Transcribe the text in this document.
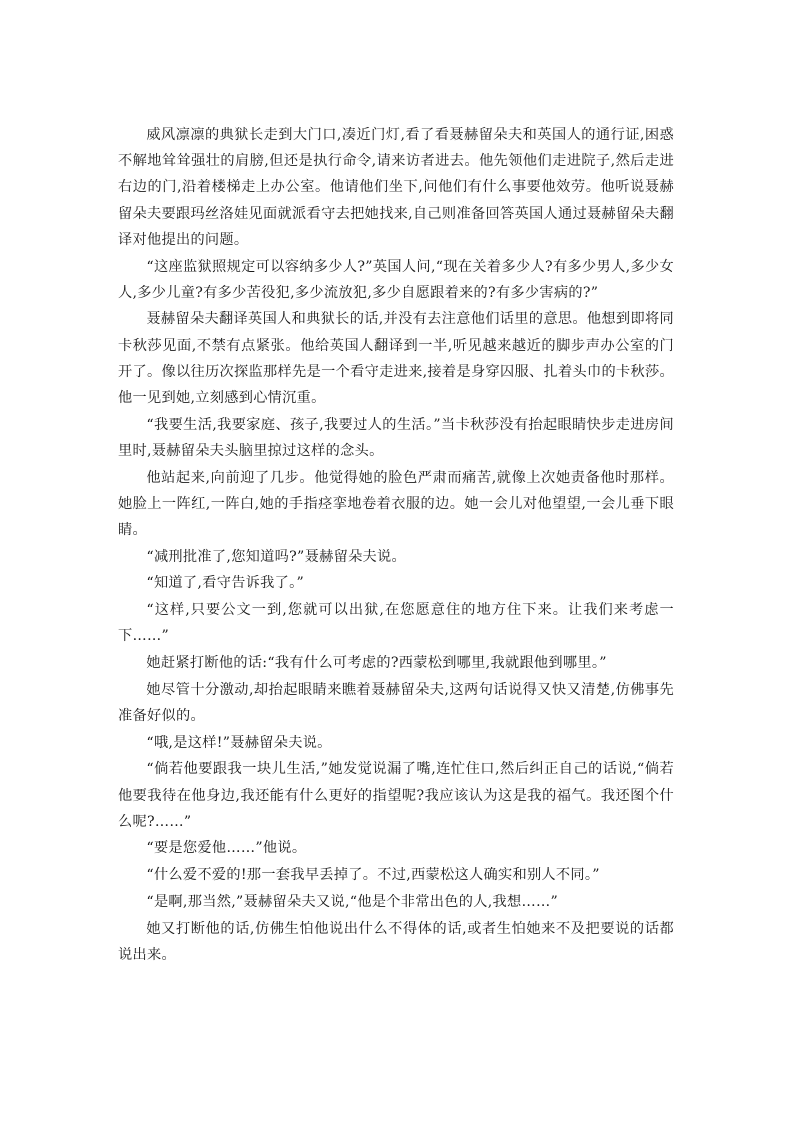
威风凛凛的典狱长走到大门口,凑近门灯,看了看聂赫留朵夫和英国人的通行证,困惑不解地耸耸强壮的肩膀,但还是执行命令,请来访者进去。他先领他们走进院子,然后走进右边的门,沿着楼梯走上办公室。他请他们坐下,问他们有什么事要他效劳。他听说聂赫留朵夫要跟玛丝洛娃见面就派看守去把她找来,自己则准备回答英国人通过聂赫留朵夫翻译对他提出的问题。

“这座监狱照规定可以容纳多少人?”英国人问,“现在关着多少人?有多少男人,多少女人,多少儿童?有多少苦役犯,多少流放犯,多少自愿跟着来的?有多少害病的?”

聂赫留朵夫翻译英国人和典狱长的话,并没有去注意他们话里的意思。他想到即将同卡秋莎见面,不禁有点紧张。他给英国人翻译到一半,听见越来越近的脚步声办公室的门开了。像以往历次探监那样先是一个看守走进来,接着是身穿囚服、扎着头巾的卡秋莎。他一见到她,立刻感到心情沉重。

“我要生活,我要家庭、孩子,我要过人的生活。”当卡秋莎没有抬起眼睛快步走进房间里时,聂赫留朵夫头脑里掠过这样的念头。

他站起来,向前迎了几步。他觉得她的脸色严肃而痛苦,就像上次她责备他时那样。她脸上一阵红,一阵白,她的手指痉挛地卷着衣服的边。她一会儿对他望望,一会儿垂下眼睛。

“减刑批准了,您知道吗?”聂赫留朵夫说。

“知道了,看守告诉我了。”

“这样,只要公文一到,您就可以出狱,在您愿意住的地方住下来。让我们来考虑一下……”

她赶紧打断他的话:“我有什么可考虑的?西蒙松到哪里,我就跟他到哪里。”

她尽管十分激动,却抬起眼睛来瞧着聂赫留朵夫,这两句话说得又快又清楚,仿佛事先准备好似的。

“哦,是这样!”聂赫留朵夫说。

“倘若他要跟我一块儿生活,”她发觉说漏了嘴,连忙住口,然后纠正自己的话说,“倘若他要我待在他身边,我还能有什么更好的指望呢?我应该认为这是我的福气。我还图个什么呢?……”

“要是您爱他……”他说。

“什么爱不爱的!那一套我早丢掉了。不过,西蒙松这人确实和别人不同。”

“是啊,那当然,”聂赫留朵夫又说,“他是个非常出色的人,我想……”

她又打断他的话,仿佛生怕他说出什么不得体的话,或者生怕她来不及把要说的话都说出来。
